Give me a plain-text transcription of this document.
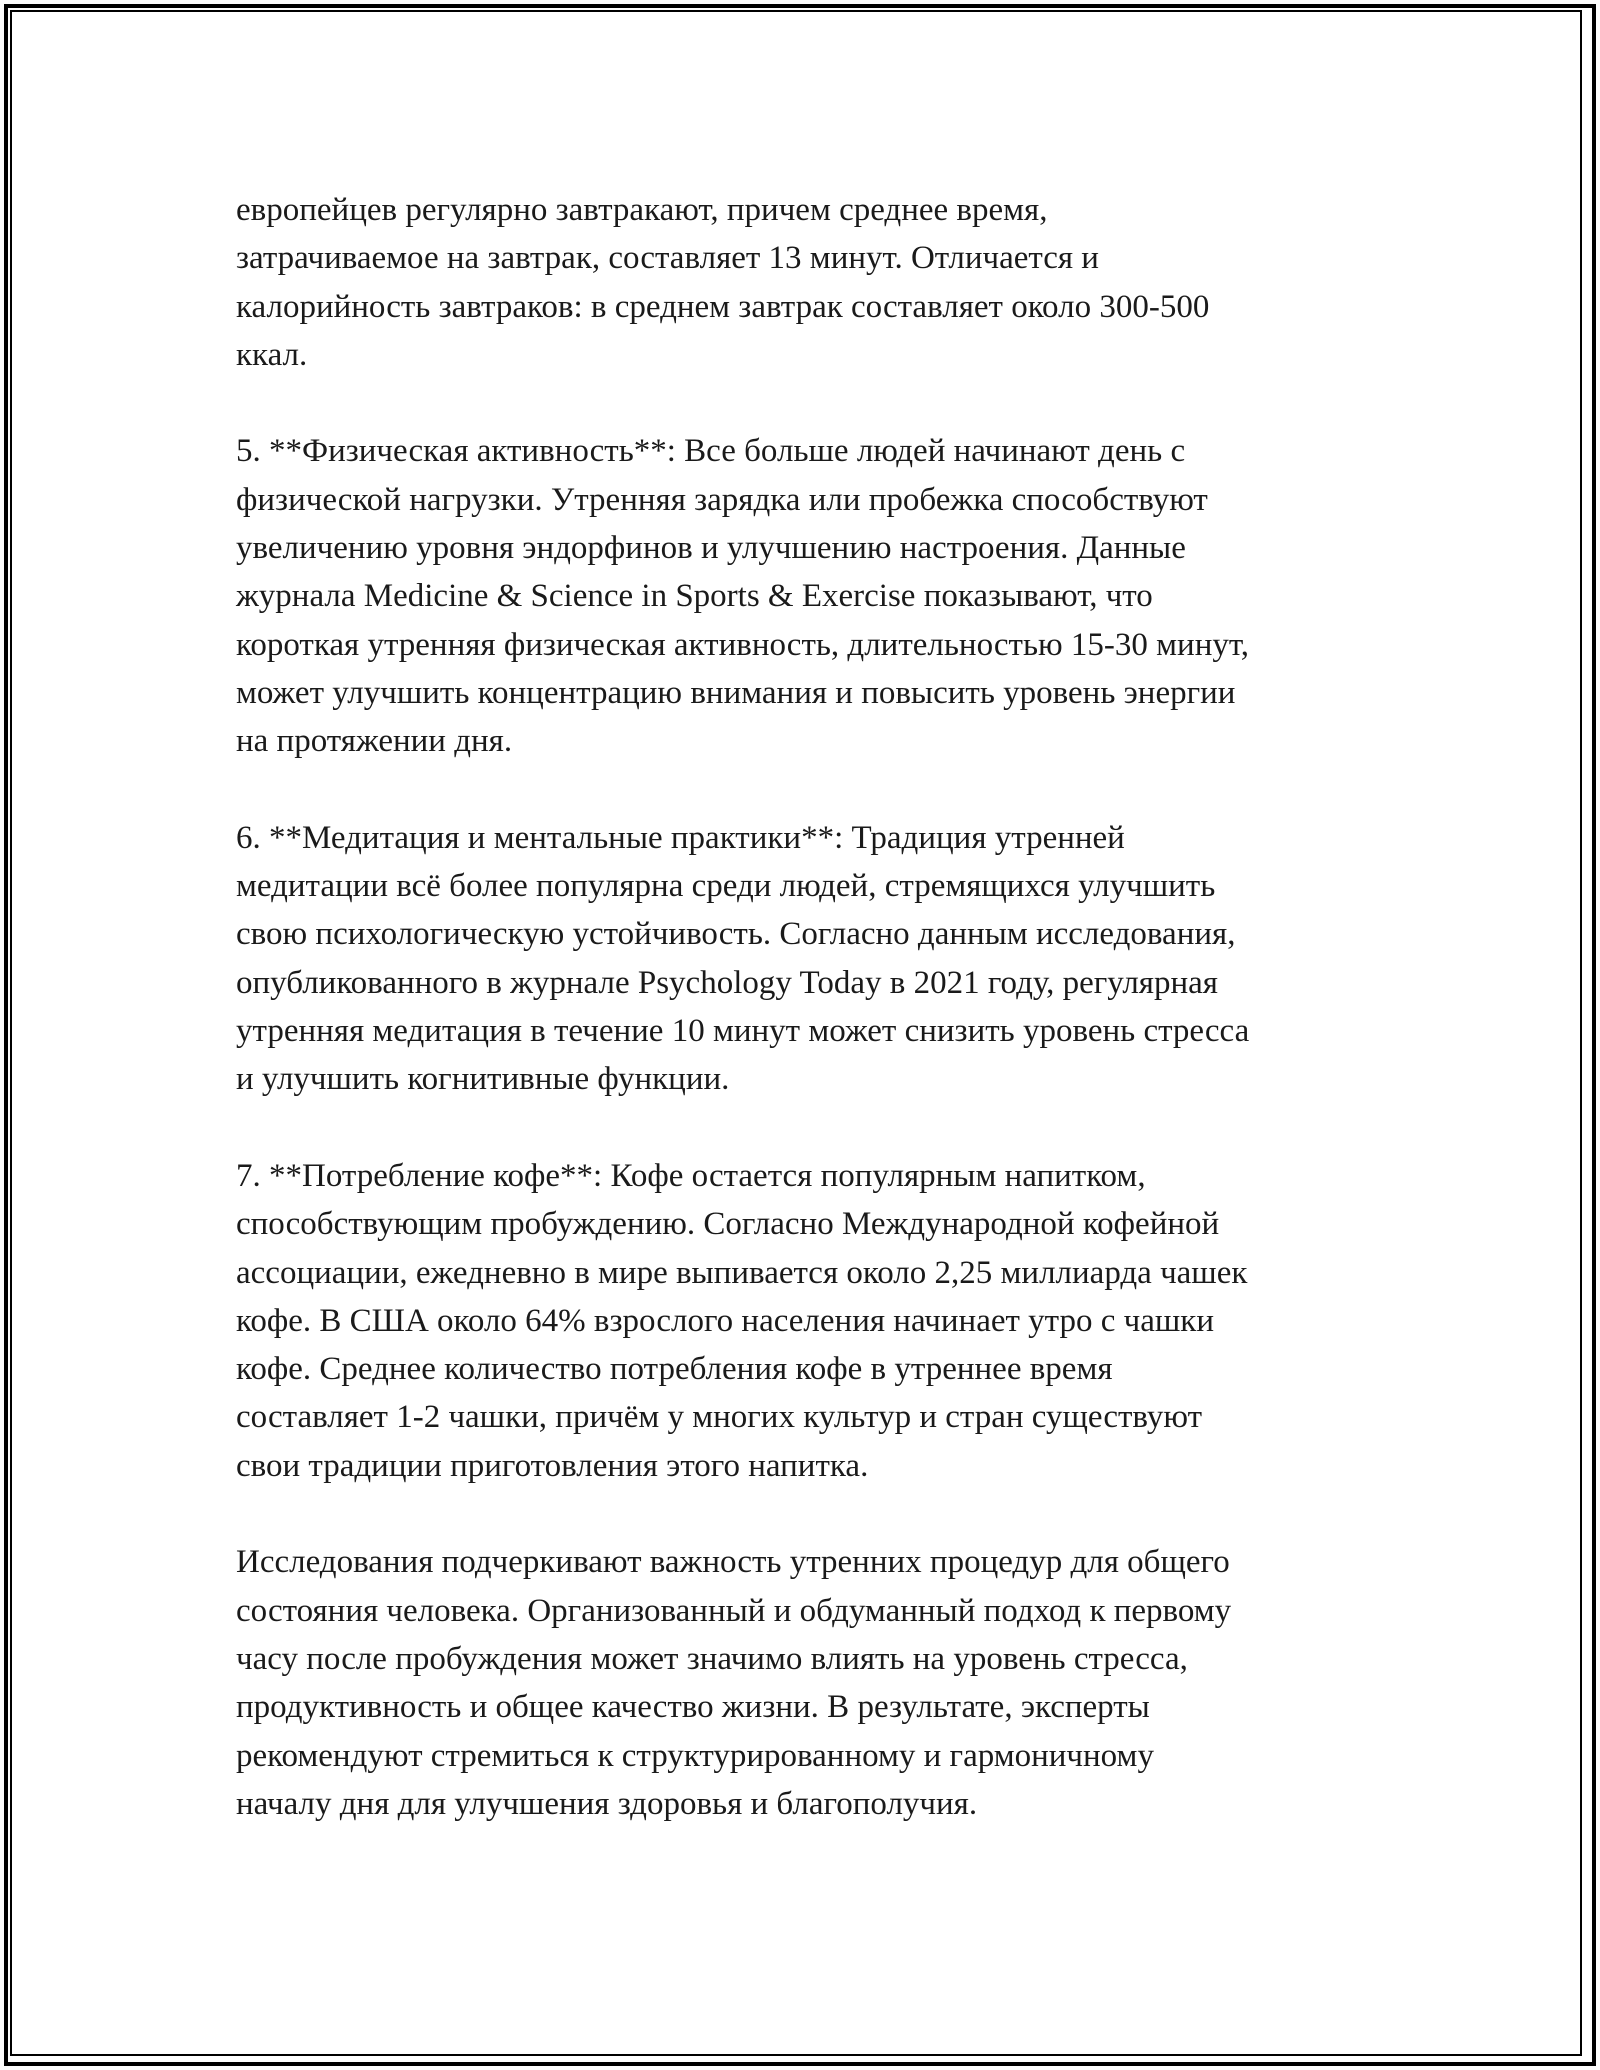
европейцев регулярно завтракают, причем среднее время,
затрачиваемое на завтрак, составляет 13 минут. Отличается и
калорийность завтраков: в среднем завтрак составляет около 300-500
ккал.

5. **Физическая активность**: Все больше людей начинают день с
физической нагрузки. Утренняя зарядка или пробежка способствуют
увеличению уровня эндорфинов и улучшению настроения. Данные
журнала Medicine & Science in Sports & Exercise показывают, что
короткая утренняя физическая активность, длительностью 15-30 минут,
может улучшить концентрацию внимания и повысить уровень энергии
на протяжении дня.

6. **Медитация и ментальные практики**: Традиция утренней
медитации всё более популярна среди людей, стремящихся улучшить
свою психологическую устойчивость. Согласно данным исследования,
опубликованного в журнале Psychology Today в 2021 году, регулярная
утренняя медитация в течение 10 минут может снизить уровень стресса
и улучшить когнитивные функции.

7. **Потребление кофе**: Кофе остается популярным напитком,
способствующим пробуждению. Согласно Международной кофейной
ассоциации, ежедневно в мире выпивается около 2,25 миллиарда чашек
кофе. В США около 64% взрослого населения начинает утро с чашки
кофе. Среднее количество потребления кофе в утреннее время
составляет 1-2 чашки, причём у многих культур и стран существуют
свои традиции приготовления этого напитка.

Исследования подчеркивают важность утренних процедур для общего
состояния человека. Организованный и обдуманный подход к первому
часу после пробуждения может значимо влиять на уровень стресса,
продуктивность и общее качество жизни. В результате, эксперты
рекомендуют стремиться к структурированному и гармоничному
началу дня для улучшения здоровья и благополучия.
